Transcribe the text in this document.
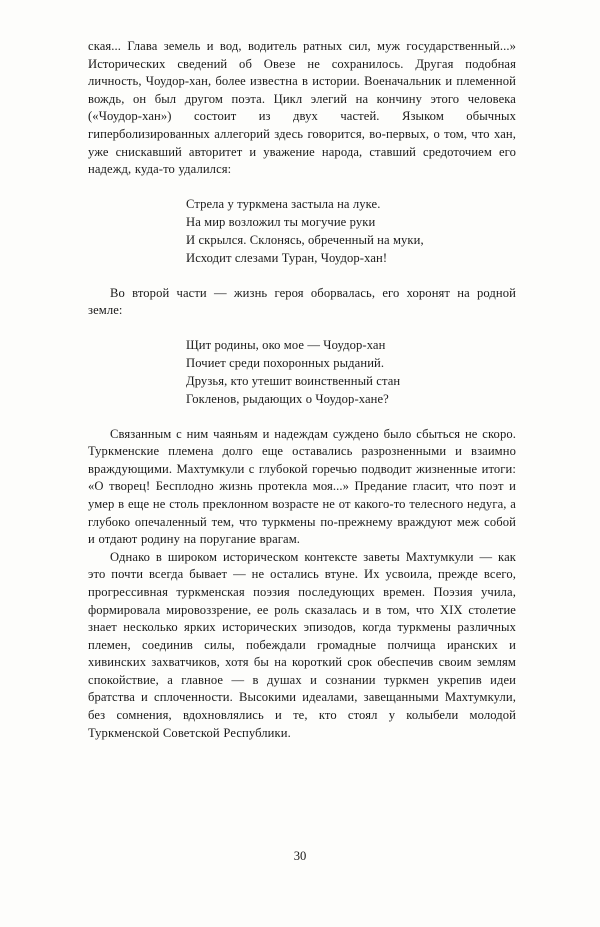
ская... Глава земель и вод, водитель ратных сил, муж государственный...» Исторических сведений об Овезе не сохранилось. Другая подобная личность, Чоудор-хан, более известна в истории. Военачальник и племенной вождь, он был другом поэта. Цикл элегий на кончину этого человека («Чоудор-хан») состоит из двух частей. Языком обычных гиперболизированных аллегорий здесь говорится, во-первых, о том, что хан, уже снискавший авторитет и уважение народа, ставший средоточием его надежд, куда-то удалился:

Стрела у туркмена застыла на луке.
На мир возложил ты могучие руки
И скрылся. Склонясь, обреченный на муки,
Исходит слезами Туран, Чоудор-хан!

Во второй части — жизнь героя оборвалась, его хоронят на родной земле:

Щит родины, око мое — Чоудор-хан
Почиет среди похоронных рыданий.
Друзья, кто утешит воинственный стан
Гокленов, рыдающих о Чоудор-хане?

Связанным с ним чаяньям и надеждам суждено было сбыться не скоро. Туркменские племена долго еще оставались разрозненными и взаимно враждующими. Махтумкули с глубокой горечью подводит жизненные итоги: «О творец! Бесплодно жизнь протекла моя...» Предание гласит, что поэт и умер в еще не столь преклонном возрасте не от какого-то телесного недуга, а глубоко опечаленный тем, что туркмены по-прежнему враждуют меж собой и отдают родину на поругание врагам.

Однако в широком историческом контексте заветы Махтумкули — как это почти всегда бывает — не остались втуне. Их усвоила, прежде всего, прогрессивная туркменская поэзия последующих времен. Поэзия учила, формировала мировоззрение, ее роль сказалась и в том, что XIX столетие знает несколько ярких исторических эпизодов, когда туркмены различных племен, соединив силы, побеждали громадные полчища иранских и хивинских захватчиков, хотя бы на короткий срок обеспечив своим землям спокойствие, а главное — в душах и сознании туркмен укрепив идеи братства и сплоченности. Высокими идеалами, завещанными Махтумкули, без сомнения, вдохновлялись и те, кто стоял у колыбели молодой Туркменской Советской Республики.

30
